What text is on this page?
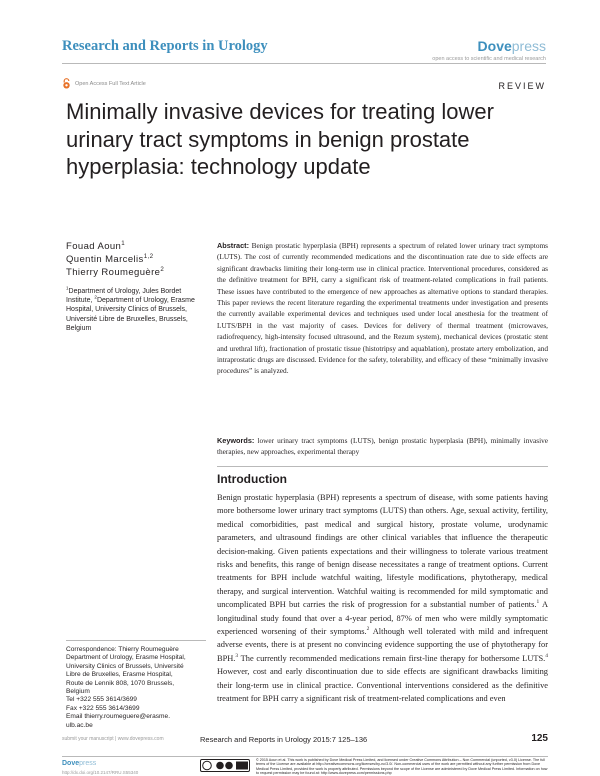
Research and Reports in Urology	Dovepress
open access to scientific and medical research
Open Access Full Text Article	REVIEW
Minimally invasive devices for treating lower urinary tract symptoms in benign prostate hyperplasia: technology update
Fouad Aoun$^1$
Quentin Marcelis$^{1,2}$
Thierry Roumeguère$^2$
$^1$Department of Urology, Jules Bordet Institute, $^2$Department of Urology, Erasme Hospital, University Clinics of Brussels, Université Libre de Bruxelles, Brussels, Belgium
Abstract: Benign prostatic hyperplasia (BPH) represents a spectrum of related lower urinary tract symptoms (LUTS). The cost of currently recommended medications and the discontinuation rate due to side effects are significant drawbacks limiting their long-term use in clinical practice. Interventional procedures, considered as the definitive treatment for BPH, carry a significant risk of treatment-related complications in frail patients. These issues have contributed to the emergence of new approaches as alternative options to standard therapies. This paper reviews the recent literature regarding the experimental treatments under investigation and presents the currently available experimental devices and techniques used under local anesthesia for the treatment of LUTS/BPH in the vast majority of cases. Devices for delivery of thermal treatment (microwaves, radiofrequency, high-intensity focused ultrasound, and the Rezum system), mechanical devices (prostatic stent and urethral lift), fractionation of prostatic tissue (histotripsy and aquablation), prostate artery embolization, and intraprostatic drugs are discussed. Evidence for the safety, tolerability, and efficacy of these “minimally invasive procedures” is analyzed.
Keywords: lower urinary tract symptoms (LUTS), benign prostatic hyperplasia (BPH), minimally invasive therapies, new approaches, experimental therapy
Introduction
Benign prostatic hyperplasia (BPH) represents a spectrum of disease, with some patients having more bothersome lower urinary tract symptoms (LUTS) than others. Age, sexual activity, fertility, medical comorbidities, past medical and surgical history, prostate volume, urodynamic parameters, and ultrasound findings are other clinical variables that influence the therapeutic decision-making. Given patients expectations and their willingness to tolerate various treatment risks and benefits, this range of benign disease necessitates a range of treatment options. Current treatments for BPH include watchful waiting, lifestyle modifications, phytotherapy, medical therapy, and surgical intervention. Watchful waiting is recommended for mild symptomatic and uncomplicated BPH but carries the risk of progression for a substantial number of patients.$^1$ A longitudinal study found that over a 4-year period, 87% of men who were mildly symptomatic experienced worsening of their symptoms.$^2$ Although well tolerated with mild and infrequent adverse events, there is at present no convincing evidence supporting the use of phytotherapy for BPH.$^3$ The currently recommended medications remain first-line therapy for bothersome LUTS.$^4$ However, cost and early discontinuation due to side effects are significant drawbacks limiting their long-term use in clinical practice. Conventional interventions considered as the definitive treatment for BPH carry a significant risk of treatment-related complications and even
Correspondence: Thierry Roumeguère
Department of Urology, Erasme Hospital,
University Clinics of Brussels, Université
Libre de Bruxelles, Erasme Hospital,
Route de Lennik 808, 1070 Brussels,
Belgium
Tel +322 555 3614/3699
Fax +322 555 3614/3699
Email thierry.roumeguere@erasme.
ulb.ac.be
submit your manuscript | www.dovepress.com	Research and Reports in Urology 2015:7 125–136	125
Dovepress
http://dx.doi.org/10.2147/RRU.S55340
© 2015 Aoun et al. This work is published by Dove Medical Press Limited, and licensed under Creative Commons Attribution – Non Commercial (unported, v3.0) License. The full terms of the License are available at http://creativecommons.org/licenses/by-nc/3.0/. Non-commercial uses of the work are permitted without any further permission from Dove Medical Press Limited, provided the work is properly attributed. Permissions beyond the scope of the License are administered by Dove Medical Press Limited. Information on how to request permission may be found at: http://www.dovepress.com/permissions.php
